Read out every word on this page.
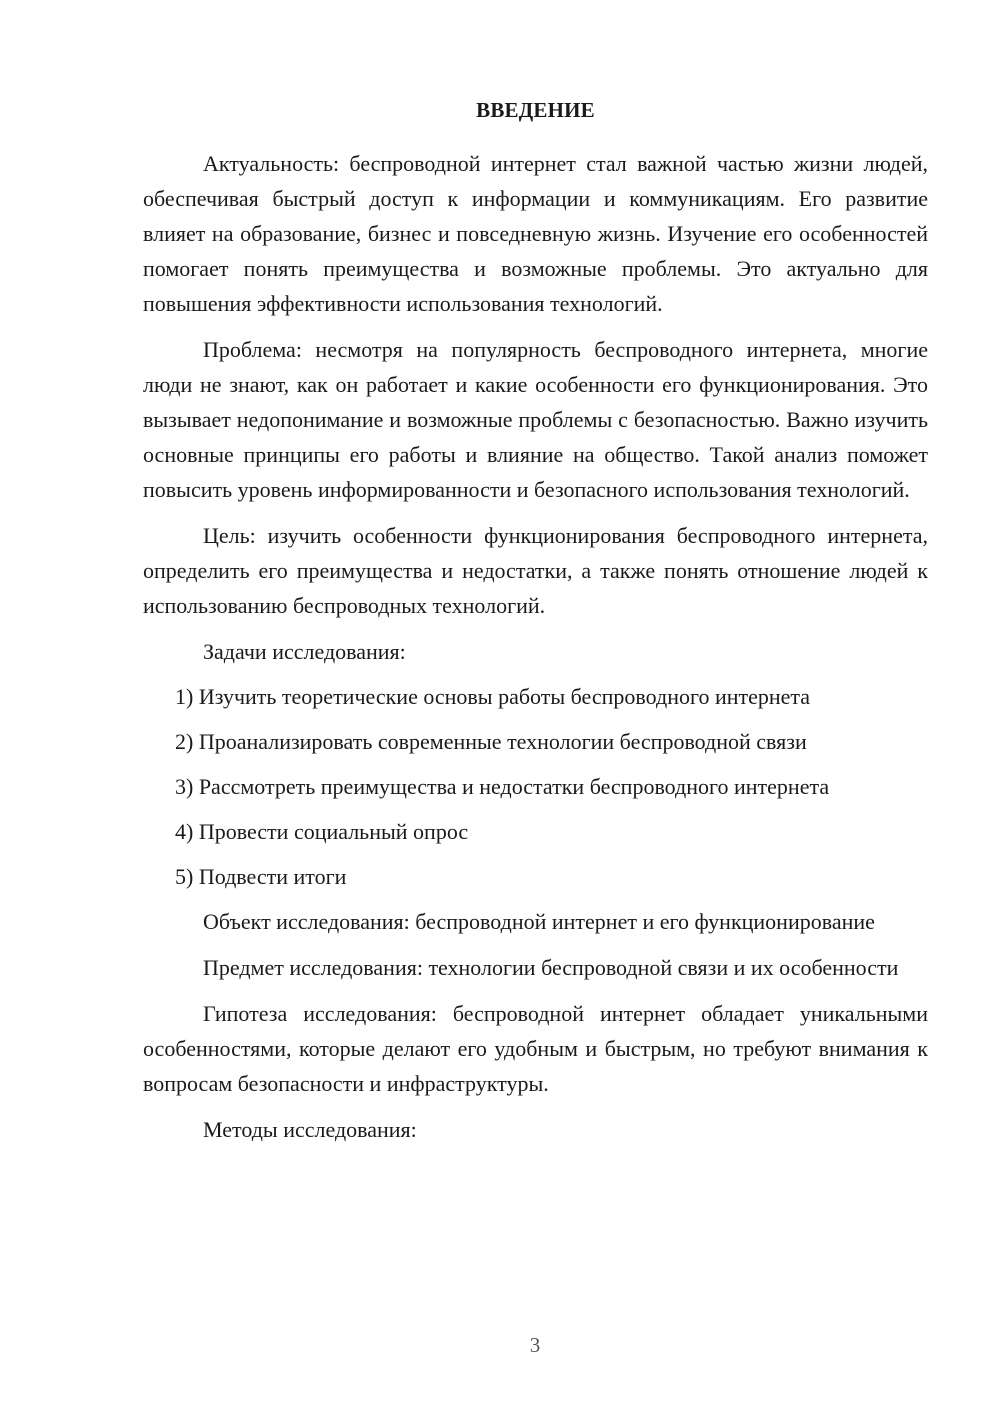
ВВЕДЕНИЕ

Актуальность: беспроводной интернет стал важной частью жизни людей, обеспечивая быстрый доступ к информации и коммуникациям. Его развитие влияет на образование, бизнес и повседневную жизнь. Изучение его особенностей помогает понять преимущества и возможные проблемы. Это актуально для повышения эффективности использования технологий.

Проблема: несмотря на популярность беспроводного интернета, многие люди не знают, как он работает и какие особенности его функционирования. Это вызывает недопонимание и возможные проблемы с безопасностью. Важно изучить основные принципы его работы и влияние на общество. Такой анализ поможет повысить уровень информированности и безопасного использования технологий.

Цель: изучить особенности функционирования беспроводного интернета, определить его преимущества и недостатки, а также понять отношение людей к использованию беспроводных технологий.

Задачи исследования:

1) Изучить теоретические основы работы беспроводного интернета
2) Проанализировать современные технологии беспроводной связи
3) Рассмотреть преимущества и недостатки беспроводного интернета
4) Провести социальный опрос
5) Подвести итоги

Объект исследования: беспроводной интернет и его функционирование

Предмет исследования: технологии беспроводной связи и их особенности

Гипотеза исследования: беспроводной интернет обладает уникальными особенностями, которые делают его удобным и быстрым, но требуют внимания к вопросам безопасности и инфраструктуры.

Методы исследования:

3
